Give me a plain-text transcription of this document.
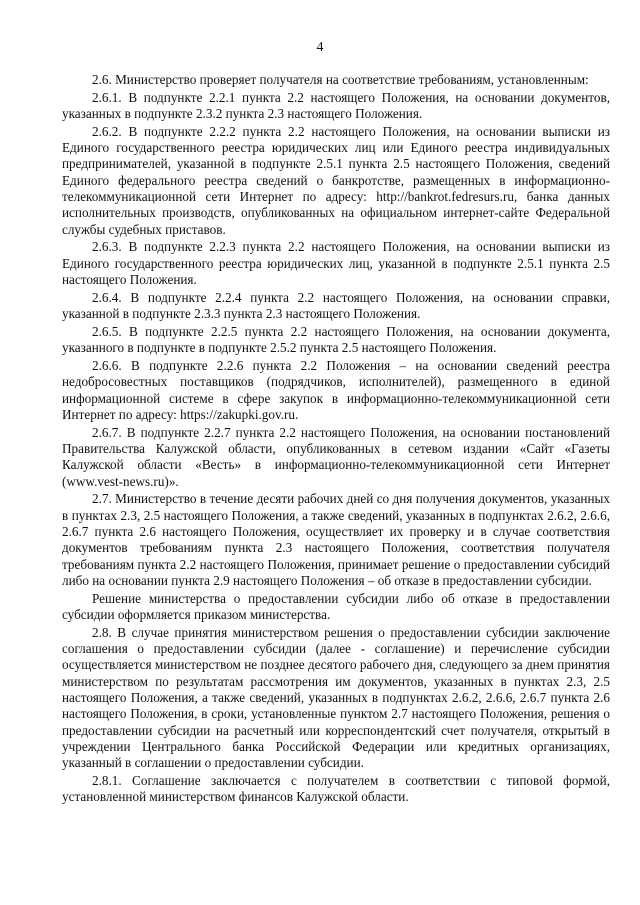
4

2.6. Министерство проверяет получателя на соответствие требованиям, установленным:

2.6.1. В подпункте 2.2.1 пункта 2.2 настоящего Положения, на основании документов, указанных в подпункте 2.3.2 пункта 2.3 настоящего Положения.

2.6.2. В подпункте 2.2.2 пункта 2.2 настоящего Положения, на основании выписки из Единого государственного реестра юридических лиц или Единого реестра индивидуальных предпринимателей, указанной в подпункте 2.5.1 пункта 2.5 настоящего Положения, сведений Единого федерального реестра сведений о банкротстве, размещенных в информационно-телекоммуникационной сети Интернет по адресу: http://bankrot.fedresurs.ru, банка данных исполнительных производств, опубликованных на официальном интернет-сайте Федеральной службы судебных приставов.

2.6.3. В подпункте 2.2.3 пункта 2.2 настоящего Положения, на основании выписки из Единого государственного реестра юридических лиц, указанной в подпункте 2.5.1 пункта 2.5 настоящего Положения.

2.6.4. В подпункте 2.2.4 пункта 2.2 настоящего Положения, на основании справки, указанной в подпункте 2.3.3 пункта 2.3 настоящего Положения.

2.6.5. В подпункте 2.2.5 пункта 2.2 настоящего Положения, на основании документа, указанного в подпункте в подпункте 2.5.2 пункта 2.5 настоящего Положения.

2.6.6. В подпункте 2.2.6 пункта 2.2 Положения – на основании сведений реестра недобросовестных поставщиков (подрядчиков, исполнителей), размещенного в единой информационной системе в сфере закупок в информационно-телекоммуникационной сети Интернет по адресу: https://zakupki.gov.ru.

2.6.7. В подпункте 2.2.7 пункта 2.2 настоящего Положения, на основании постановлений Правительства Калужской области, опубликованных в сетевом издании «Сайт «Газеты Калужской области «Весть» в информационно-телекоммуникационной сети Интернет (www.vest-news.ru)».

2.7. Министерство в течение десяти рабочих дней со дня получения документов, указанных в пунктах 2.3, 2.5 настоящего Положения, а также сведений, указанных в подпунктах 2.6.2, 2.6.6, 2.6.7 пункта 2.6 настоящего Положения, осуществляет их проверку и в случае соответствия документов требованиям пункта 2.3 настоящего Положения, соответствия получателя требованиям пункта 2.2 настоящего Положения, принимает решение о предоставлении субсидий либо на основании пункта 2.9 настоящего Положения – об отказе в предоставлении субсидии.

Решение министерства о предоставлении субсидии либо об отказе в предоставлении субсидии оформляется приказом министерства.

2.8. В случае принятия министерством решения о предоставлении субсидии заключение соглашения о предоставлении субсидии (далее - соглашение) и перечисление субсидии осуществляется министерством не позднее десятого рабочего дня, следующего за днем принятия министерством по результатам рассмотрения им документов, указанных в пунктах 2.3, 2.5 настоящего Положения, а также сведений, указанных в подпунктах 2.6.2, 2.6.6, 2.6.7 пункта 2.6 настоящего Положения, в сроки, установленные пунктом 2.7 настоящего Положения, решения о предоставлении субсидии на расчетный или корреспондентский счет получателя, открытый в учреждении Центрального банка Российской Федерации или кредитных организациях, указанный в соглашении о предоставлении субсидии.

2.8.1. Соглашение заключается с получателем в соответствии с типовой формой, установленной министерством финансов Калужской области.
